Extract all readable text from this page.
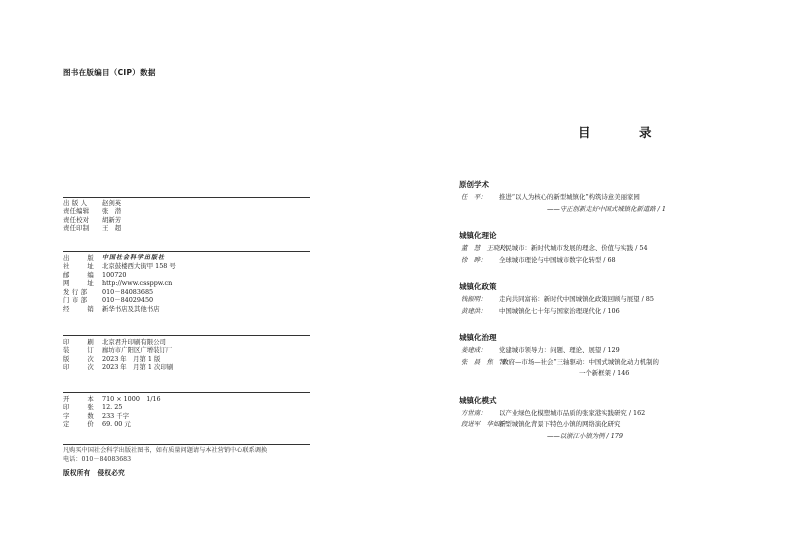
图书在版编目（CIP）数据
出 版 人	赵剑英
责任编辑	张　潜
责任校对	胡新芳
责任印制	王　超
出 版 中国社会科学出版社
社 址 北京鼓楼西大街甲 158 号
邮 编 100720
网 址 http://www.cssppw.cn
发 行 部	010－84083685
门 市 部	010－84029450
经 销 新华书店及其他书店
印 刷 北京君升印刷有限公司
装 订 廊坊市广阳区广增装订厂
版 次 2023 年　月第 1 版
印 次 2023 年　月第 1 次印刷
开 本 710 × 1000　1/16
印 张 12. 25
字 数 233 千字
定 价 69. 00 元
凡购买中国社会科学出版社图书，如有质量问题请与本社营销中心联系调换
电话：010－84083683
版权所有　侵权必究
目　录
原创学术
任　平：	推进“以人为核心的新型城镇化”构筑诗意美丽家园
——守正创新走好中国式城镇化新道路 / 1
城镇化理论
董　慧　王晓玲：
人民城市：新时代城市发展的理念、价值与实践 / 54
徐　晔：	全球城市理论与中国城市数字化转型 / 68
城镇化政策
钱振明：	走向共同富裕：新时代中国城镇化政策回顾与展望 / 85
黄建洪：	中国城镇化七十年与国家治理现代化 / 106
城镇化治理
姜建成：	党建城市领导力：问题、理论、展望 / 129
张　晨　焦　涛：
“政府—市场—社会”三轴驱动：中国式城镇化动力机制的
一个新框架 / 146
城镇化模式
方世南：	以产业绿色化模塑城市品质的张家港实践研究 / 162
段进军　华如宁：
新型城镇化背景下特色小镇的网络演化研究
——以浙江小镇为例 / 179
